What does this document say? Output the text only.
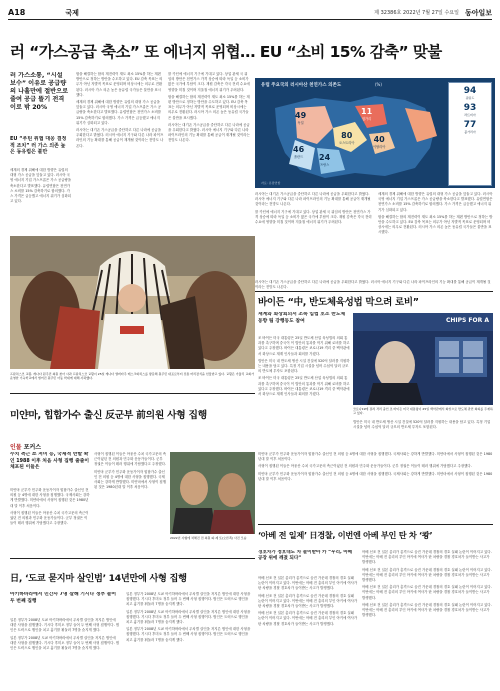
A18	국제	제 32386호 2022년 7월 27일 수요일 동아일보
러 “가스공급 축소” 또 에너지 위협… EU “소비 15% 감축” 맞불

러 가스소통, “시설 보수” 이유로 공급량의 나흘만에 절반으로 줄여 공급 뜰기 전격 이로 밖 20%

EU “푸틴 위협 대응 결정적 조치” 러 가스 의존 높은 동유럽은 불만

세계의 경제 위해에 대한 방향은 유럽의 대형 가스 공급을 앞둘고 있다. 러시아 국영 에너지 기업 가스프롬은 가스 공급량을 축소한다고 발표했다. 유럽연합은 천연가스 소비를 15% 감축하기로 합의했다. 가스 가격은 급등했고 에너지 위기가 심화되고 있다.

합을 해결하는 합의 재전력이 재도 최소 15%를 하는 재편 방안으로 정하는 방안을 수도하고 있다. EU 감축 목표는 의무가 아닌 자발적 목표로 운영되며 비상시에는 의무로 전환된다. 러시아 가스 의존 높은 동유럽 국가들은 불만을 표시했다.

세계의 경제 위해에 대한 방향은 유럽의 대형 가스 공급을 앞둘고 있다. 러시아 국영 에너지 기업 가스프롬은 가스 공급량을 축소한다고 발표했다. 유럽연합은 천연가스 소비를 15% 감축하기로 합의했다. 가스 가격은 급등했고 에너지 위기가 심화되고 있다.

러시아는 대기존 가스공급을 중단하고 다른 나라에 공급을 우회한다고 밝혔다. 러시아 에너지 기구와 다른 나라 파이프라인의 기능 확대를 통해 공급이 재개될 것이라는 전망도 나온다.

를 카딘에 에너지 기구에 기대고 있다. 상업 관세 국 위임의 방안은 천연가스 가격 상승에 따라 독일 등 소비가 많은 국가에 부담이 크다. 재원 감축은 각국 전력 수요에 영향을 미칠 것이며 겨울철 에너지 위기가 우려된다.

합을 해결하는 합의 재전력이 재도 최소 15%를 하는 재편 방안으로 정하는 방안을 수도하고 있다. EU 감축 목표는 의무가 아닌 자발적 목표로 운영되며 비상시에는 의무로 전환된다. 러시아 가스 의존 높은 동유럽 국가들은 불만을 표시했다.

러시아는 대기존 가스공급을 중단하고 다른 나라에 공급을 우회한다고 밝혔다. 러시아 에너지 기구와 다른 나라 파이프라인의 기능 확대를 통해 공급이 재개될 것이라는 전망도 나온다.

러시아는 대기존 가스공급을 중단하고 다른 나라에 공급을 우회한다고 밝혔다. 러시아 에너지 기구와 다른 나라 파이프라인의 기능 확대를 통해 공급이 재개될 것이라는 전망도 나온다.

를 카딘에 에너지 기구에 기대고 있다. 상업 관세 국 위임의 방안은 천연가스 가격 상승에 따라 독일 등 소비가 많은 국가에 부담이 크다. 재원 감축은 각국 전력 수요에 영향을 미칠 것이며 겨울철 에너지 위기가 우려된다.

세계의 경제 위해에 대한 방향은 유럽의 대형 가스 공급을 앞둘고 있다. 러시아 국영 에너지 기업 가스프롬은 가스 공급량을 축소한다고 발표했다. 유럽연합은 천연가스 소비를 15% 감축하기로 합의했다. 가스 가격은 급등했고 에너지 위기가 심화되고 있다.

합을 해결하는 합의 재전력이 재도 최소 15%를 하는 재편 방안으로 정하는 방안을 수도하고 있다. EU 감축 목표는 의무가 아닌 자발적 목표로 운영되며 비상시에는 의무로 전환된다. 러시아 가스 의존 높은 동유럽 국가들은 불만을 표시했다.

유럽 주요국의 러시아산 천연가스 의존도	(%)
49
독일
80
오스트리아
11
헝가리
40
이탈리아
24
프랑스
46
폴란드
자료: 유럽연합
94
핀란드
93
라트비아
77
불가리아
프란치스코 교황, 캐나다 원주민 의원 찾아 사과 프란치스코 교황이 25일 캐나다 앨버타주 매스크와치스를 방문해 원주민 대표로부터 전통 머리장식을 선물받고 있다. 교황은 가톨릭 교회가 운영한 기숙학교에서 벌어진 원주민 아동 학대에 대해 사과했다.

러시아는 대기존 가스공급을 중단하고 다른 나라에 공급을 우회한다고 밝혔다. 러시아 에너지 기구와 다른 나라 파이프라인의 기능 확대를 통해 공급이 재개될 것이라는 전망도 나온다.

바이든 “中, 반도체육성법 막으려 로비”

재계와 화상회의서 조속 입법 호소 반도체 동향 팀 강행동도 참여

조 바이든 미국 대통령은 25일 반도체 산업 육성법의 의회 통과를 촉구하며 중국이 이 법안의 통과를 막기 위해 로비를 하고 있다고 주장했다. 바이든 대통령은 코로나19 격리 중 백악관에서 화상으로 재계 인사들과 회의를 가졌다.

법안은 미국 내 반도체 생산 시설 건설에 520억 달러를 지원하는 내용을 담고 있다. 특정 기업 시설을 넘어 수십억 달러 규모의 반도체 투자도 포함된다.

조 바이든 미국 대통령은 25일 반도체 산업 육성법의 의회 통과를 촉구하며 중국이 이 법안의 통과를 막기 위해 로비를 하고 있다고 주장했다. 바이든 대통령은 코로나19 격리 중 백악관에서 화상으로 재계 인사들과 회의를 가졌다.

CHIPS FOR A
코로나19에 걸려 격리 중인 조 바이든 미국 대통령이 25일 백악관에서 화상으로 반도체 관련 회의를 주재하고 있다.

법안은 미국 내 반도체 생산 시설 건설에 520억 달러를 지원하는 내용을 담고 있다. 특정 기업 시설을 넘어 수십억 달러 규모의 반도체 투자도 포함된다.

미얀마, 힙합가수 출신 反군부 前의원 사형 집행
인물 포커스

수치 측근 쪼 저미 등, 국제적 반발 확인 1988 이후 처음 사형 집행 줄줄이 체포된 이들은

미얀마 군부가 민주화 운동가이자 힙합가수 출신인 전 의원 등 4명에 대한 사형을 집행했다. 국제사회는 강하게 반발했다. 미얀마에서 사형이 집행된 것은 1980년대 말 이후 처음이다.

사형이 집행된 이들은 아웅산 수치 국가고문의 측근이었던 전 의원과 민주화 운동가들이다. 군부 정권은 이들이 테러 행위에 가담했다고 주장했다.

사형이 집행된 이들은 아웅산 수치 국가고문의 측근이었던 전 의원과 민주화 운동가들이다. 군부 정권은 이들이 테러 행위에 가담했다고 주장했다.

미얀마 군부가 민주화 운동가이자 힙합가수 출신인 전 의원 등 4명에 대한 사형을 집행했다. 국제사회는 강하게 반발했다. 미얀마에서 사형이 집행된 것은 1980년대 말 이후 처음이다.

2022년 사형에 처해진 전 의원 퍄 제 또(오른쪽) 사진 모습
日, ‘도쿄 묻지마 살인범’ 14년만에 사형 집행

아키하바라에서 민간사 7명 살해 기시다 정부 들어 두 번째 집행

일본 정부가 2008년 도쿄 아키하바라에서 무차별 살인을 저지른 범인에 대한 사형을 집행했다. 기시다 후미오 정부 들어 두 번째 사형 집행이다. 범인은 트럭으로 행인을 치고 흉기를 휘둘러 7명을 숨지게 했다.

일본 정부가 2008년 도쿄 아키하바라에서 무차별 살인을 저지른 범인에 대한 사형을 집행했다. 기시다 후미오 정부 들어 두 번째 사형 집행이다. 범인은 트럭으로 행인을 치고 흉기를 휘둘러 7명을 숨지게 했다.

일본 정부가 2008년 도쿄 아키하바라에서 무차별 살인을 저지른 범인에 대한 사형을 집행했다. 기시다 후미오 정부 들어 두 번째 사형 집행이다. 범인은 트럭으로 행인을 치고 흉기를 휘둘러 7명을 숨지게 했다.

일본 정부가 2008년 도쿄 아키하바라에서 무차별 살인을 저지른 범인에 대한 사형을 집행했다. 기시다 후미오 정부 들어 두 번째 사형 집행이다. 범인은 트럭으로 행인을 치고 흉기를 휘둘러 7명을 숨지게 했다.

일본 정부가 2008년 도쿄 아키하바라에서 무차별 살인을 저지른 범인에 대한 사형을 집행했다. 기시다 후미오 정부 들어 두 번째 사형 집행이다. 범인은 트럭으로 행인을 치고 흉기를 휘둘러 7명을 숨지게 했다.

미얀마 군부가 민주화 운동가이자 힙합가수 출신인 전 의원 등 4명에 대한 사형을 집행했다. 국제사회는 강하게 반발했다. 미얀마에서 사형이 집행된 것은 1980년대 말 이후 처음이다.

사형이 집행된 이들은 아웅산 수치 국가고문의 측근이었던 전 의원과 민주화 운동가들이다. 군부 정권은 이들이 테러 행위에 가담했다고 주장했다.

미얀마 군부가 민주화 운동가이자 힙합가수 출신인 전 의원 등 4명에 대한 사형을 집행했다. 국제사회는 강하게 반발했다. 미얀마에서 사형이 집행된 것은 1980년대 말 이후 처음이다.

‘아베 전 일제’ 日경찰, 이번엔 아베 부인 탄 차 ‘쾅’

경호차가 정호대도 차 들이받아 카 “우리, 아베 공장 위에 깨졌 되다”

아베 신조 전 일본 총리가 총격으로 숨진 가운데 경찰의 경호 실패 논란이 이어지고 있다. 이번에는 아베 전 총리의 부인 아키에 여사가 탄 차량을 경찰 경호차가 들이받는 사고가 발생했다.

아베 신조 전 일본 총리가 총격으로 숨진 가운데 경찰의 경호 실패 논란이 이어지고 있다. 이번에는 아베 전 총리의 부인 아키에 여사가 탄 차량을 경찰 경호차가 들이받는 사고가 발생했다.

아베 신조 전 일본 총리가 총격으로 숨진 가운데 경찰의 경호 실패 논란이 이어지고 있다. 이번에는 아베 전 총리의 부인 아키에 여사가 탄 차량을 경찰 경호차가 들이받는 사고가 발생했다.

아베 신조 전 일본 총리가 총격으로 숨진 가운데 경찰의 경호 실패 논란이 이어지고 있다. 이번에는 아베 전 총리의 부인 아키에 여사가 탄 차량을 경찰 경호차가 들이받는 사고가 발생했다.

아베 신조 전 일본 총리가 총격으로 숨진 가운데 경찰의 경호 실패 논란이 이어지고 있다. 이번에는 아베 전 총리의 부인 아키에 여사가 탄 차량을 경찰 경호차가 들이받는 사고가 발생했다.

아베 신조 전 일본 총리가 총격으로 숨진 가운데 경찰의 경호 실패 논란이 이어지고 있다. 이번에는 아베 전 총리의 부인 아키에 여사가 탄 차량을 경찰 경호차가 들이받는 사고가 발생했다.

아베 신조 전 일본 총리가 총격으로 숨진 가운데 경찰의 경호 실패 논란이 이어지고 있다. 이번에는 아베 전 총리의 부인 아키에 여사가 탄 차량을 경찰 경호차가 들이받는 사고가 발생했다.
